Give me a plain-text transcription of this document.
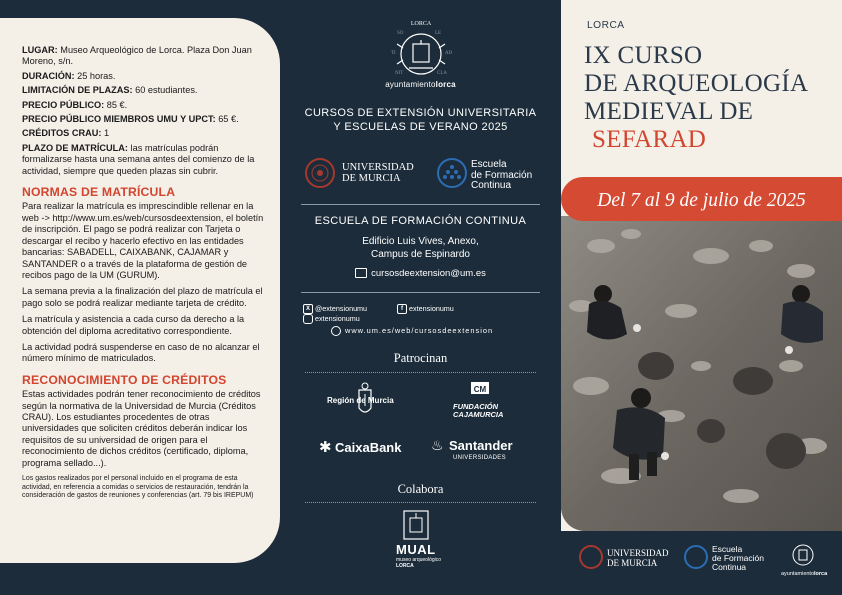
LUGAR: Museo Arqueológico de Lorca. Plaza Don Juan Moreno, s/n.

DURACIÓN: 25 horas.

LIMITACIÓN DE PLAZAS: 60 estudiantes.

PRECIO PÚBLICO: 85 €.

PRECIO PÚBLICO MIEMBROS UMU Y UPCT: 65 €.

CRÉDITOS CRAU: 1

PLAZO DE MATRÍCULA: las matrículas podrán formalizarse hasta una semana antes del comienzo de la actividad, siempre que queden plazas sin cubrir.

NORMAS DE MATRÍCULA

Para realizar la matrícula es imprescindible rellenar en la web -> http://www.um.es/web/cursosdeextension, el boletín de inscripción. El pago se podrá realizar con Tarjeta o descargar el recibo y hacerlo efectivo en las entidades bancarias: SABADELL, CAIXABANK, CAJAMAR y SANTANDER o a través de la plataforma de gestión de recibos pago de la UM (GURUM).

La semana previa a la finalización del plazo de matrícula el pago solo se podrá realizar mediante tarjeta de crédito.

La matrícula y asistencia a cada curso da derecho a la obtención del diploma acreditativo correspondiente.

La actividad podrá suspenderse en caso de no alcanzar el número mínimo de matriculados.

RECONOCIMIENTO DE CRÉDITOS

Estas actividades podrán tener reconocimiento de créditos según la normativa de la Universidad de Murcia (Créditos CRAU). Los estudiantes procedentes de otras universidades que soliciten créditos deberán indicar los requisitos de su universidad de origen para el reconocimiento de dichos créditos (certificado, diploma, programa sellado...).

Los gastos realizados por el personal incluido en el programa de esta actividad, en referencia a comidas o servicios de restauración, tendrán la consideración de gastos de reuniones y conferencias (art. 79 bis IREPUM)

LORCA
SO	LE
TI	AD
NIT	CLA
ayuntamientolorca
CURSOS DE EXTENSIÓN UNIVERSITARIA
Y ESCUELAS DE VERANO 2025
UNIVERSIDAD
DE MURCIA
Escuela
de Formación
Continua
ESCUELA DE FORMACIÓN CONTINUA
Edificio Luis Vives, Anexo,
Campus de Espinardo
cursosdeextension@um.es
X @extensionumu	f extensionumu extensionumu
www.um.es/web/cursosdeextension
Patrocinan
Región de Murcia
CM
FUNDACIÓN
CAJAMURCIA
✱ CaixaBank ♨ Santander
UNIVERSIDADES
Colabora
MUAL
museo arqueológico
LORCA
LORCA
IX CURSO
DE ARQUEOLOGÍA
MEDIEVAL DE
SEFARAD
Del 7 al 9 de julio de 2025
UNIVERSIDAD
DE MURCIA
Escuela
de Formación
Continua
ayuntamientolorca
